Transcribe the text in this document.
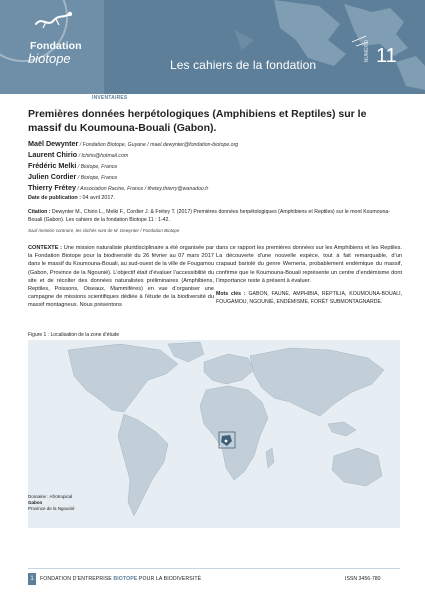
Fondation
biotope	Les cahiers de la fondation
NUMÉRO 11
INVENTAIRES
Premières données herpétologiques (Amphibiens et Reptiles) sur le massif du Koumouna-Bouali (Gabon).
Maël Dewynter / Fondation Biotope, Guyane / mael.dewynter@fondation-biotope.org
Laurent Chirio / lchirio@hotmail.com
Frédéric Melki / Biotope, France
Julien Cordier / Biotope, France
Thierry Frétey / Association Racine, France / tfretey.thierry@wanadoo.fr
Date de publication : 04 avril 2017.
Citation : Dewynter M., Chirio L., Melki F., Cordier J. & Frétey T. (2017) Premières données herpétologiques (Amphibiens et Reptiles) sur le mont Koumouna-Bouali (Gabon). Les cahiers de la fondation Biotope 11 : 1-42.
Sauf mention contraire, les clichés sont de M. Dewynter / Fondation Biotope
CONTEXTE : Une mission naturaliste pluridisciplinaire a été organisée par la Fondation Biotope pour la biodiversité du 26 février au 07 mars 2017 dans le massif du Koumouna-Bouali, au sud-ouest de la ville de Fougamou (Gabon, Province de la Ngounié). L’objectif était d’évaluer l’accessibilité du site et de récolter des données naturalistes préliminaires (Amphibiens, Reptiles, Poissons, Oiseaux, Mammifères) en vue d’organiser une campagne de missions scientifiques dédiée à l’étude de la biodiversité du massif montagneux. Nous présentons
dans ce rapport les premières données sur les Amphibiens et les Reptiles. La découverte d’une nouvelle espèce, tout à fait remarquable, d’un crapaud bariolé du genre Werneria, probablement endémique du massif, confirme que le Koumouna-Bouali représente un centre d’endémisme dont l’importance reste à présent à évaluer.
Mots clés : GABON, FAUNE, AMPHIBIA, REPTILIA, KOUMOUNA-BOUALI, FOUGAMOU, NGOUNIÉ, ENDÉMISME, FORÊT SUBMONTAGNARDE.
Figure 1 : Localisation de la zone d’étude
Domaine : Afrotropical
Gabon
Province de la Ngounié
1	FONDATION D’ENTREPRISE BIOTOPE POUR LA BIODIVERSITÉ	ISSN 3456-780
